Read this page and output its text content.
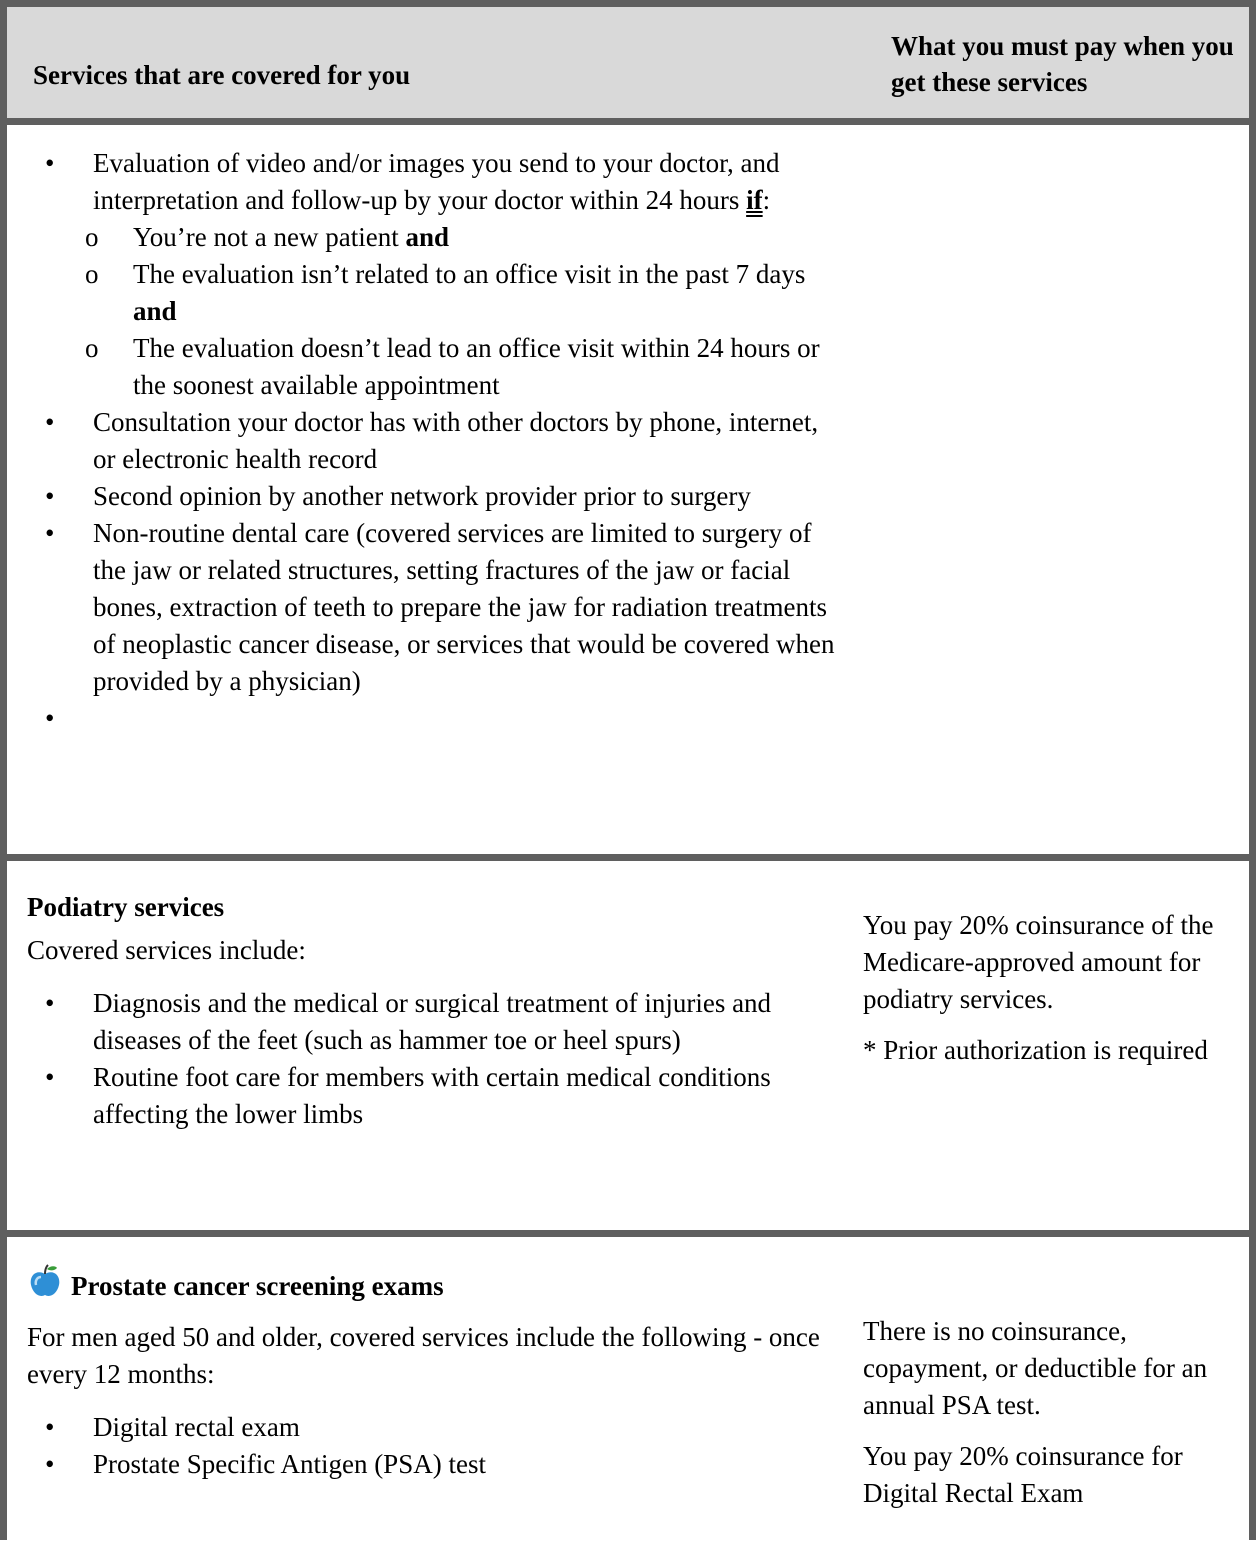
Services that are covered for you
What you must pay when you get these services
• Evaluation of video and/or images you send to your doctor, and interpretation and follow-up by your doctor within 24 hours if:
o You’re not a new patient and
o The evaluation isn’t related to an office visit in the past 7 days and
o The evaluation doesn’t lead to an office visit within 24 hours or the soonest available appointment
• Consultation your doctor has with other doctors by phone, internet, or electronic health record
• Second opinion by another network provider prior to surgery
• Non-routine dental care (covered services are limited to surgery of the jaw or related structures, setting fractures of the jaw or facial bones, extraction of teeth to prepare the jaw for radiation treatments of neoplastic cancer disease, or services that would be covered when provided by a physician)
•

Podiatry services

Covered services include:

• Diagnosis and the medical or surgical treatment of injuries and diseases of the feet (such as hammer toe or heel spurs)
• Routine foot care for members with certain medical conditions affecting the lower limbs

You pay 20% coinsurance of the Medicare-approved amount for podiatry services.

* Prior authorization is required

Prostate cancer screening exams

For men aged 50 and older, covered services include the following - once every 12 months:

• Digital rectal exam
• Prostate Specific Antigen (PSA) test

There is no coinsurance, copayment, or deductible for an annual PSA test.

You pay 20% coinsurance for Digital Rectal Exam
